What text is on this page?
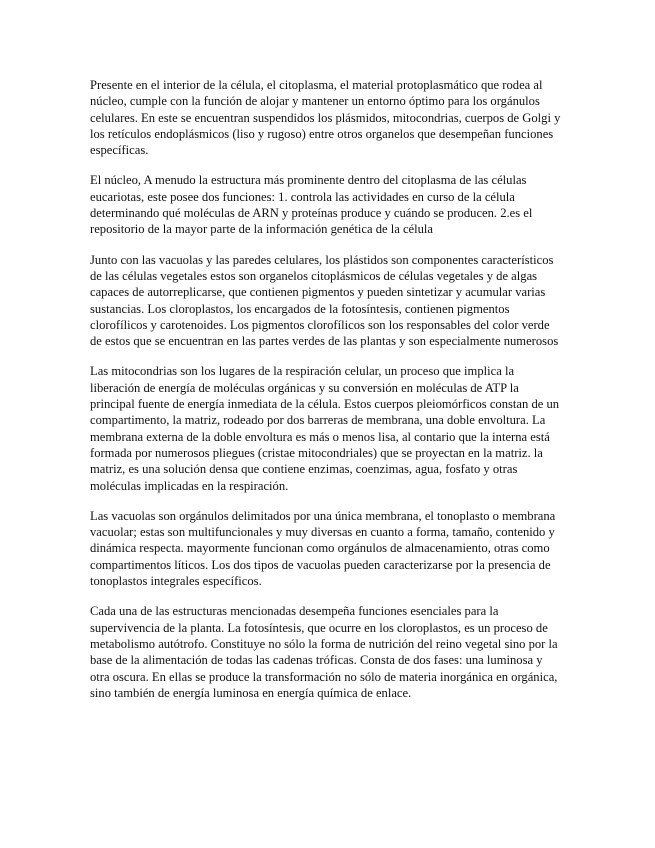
Presente en el interior de la célula, el citoplasma, el material protoplasmático que rodea al núcleo, cumple con la función de alojar y mantener un entorno óptimo para los orgánulos celulares. En este se encuentran suspendidos los plásmidos, mitocondrias, cuerpos de Golgi y los retículos endoplásmicos (liso y rugoso) entre otros organelos que desempeñan funciones específicas.

El núcleo, A menudo la estructura más prominente dentro del citoplasma de las células eucariotas, este posee dos funciones: 1. controla las actividades en curso de la célula determinando qué moléculas de ARN y proteínas produce y cuándo se producen. 2.es el repositorio de la mayor parte de la información genética de la célula

Junto con las vacuolas y las paredes celulares, los plástidos son componentes característicos de las células vegetales estos son organelos citoplásmicos de células vegetales y de algas capaces de autorreplicarse, que contienen pigmentos y pueden sintetizar y acumular varias sustancias. Los cloroplastos, los encargados de la fotosíntesis, contienen pigmentos clorofílicos y carotenoides. Los pigmentos clorofílicos son los responsables del color verde de estos que se encuentran en las partes verdes de las plantas y son especialmente numerosos

Las mitocondrias son los lugares de la respiración celular, un proceso que implica la liberación de energía de moléculas orgánicas y su conversión en moléculas de ATP la principal fuente de energía inmediata de la célula. Estos cuerpos pleiomórficos constan de un compartimento, la matriz, rodeado por dos barreras de membrana, una doble envoltura. La membrana externa de la doble envoltura es más o menos lisa, al contario que la interna está formada por numerosos pliegues (cristae mitocondriales) que se proyectan en la matriz. la matriz, es una solución densa que contiene enzimas, coenzimas, agua, fosfato y otras moléculas implicadas en la respiración.

Las vacuolas son orgánulos delimitados por una única membrana, el tonoplasto o membrana vacuolar; estas son multifuncionales y muy diversas en cuanto a forma, tamaño, contenido y dinámica respecta. mayormente funcionan como orgánulos de almacenamiento, otras como compartimentos líticos. Los dos tipos de vacuolas pueden caracterizarse por la presencia de tonoplastos integrales específicos.

Cada una de las estructuras mencionadas desempeña funciones esenciales para la supervivencia de la planta. La fotosíntesis, que ocurre en los cloroplastos, es un proceso de metabolismo autótrofo. Constituye no sólo la forma de nutrición del reino vegetal sino por la base de la alimentación de todas las cadenas tróficas. Consta de dos fases: una luminosa y otra oscura. En ellas se produce la transformación no sólo de materia inorgánica en orgánica, sino también de energía luminosa en energía química de enlace.
